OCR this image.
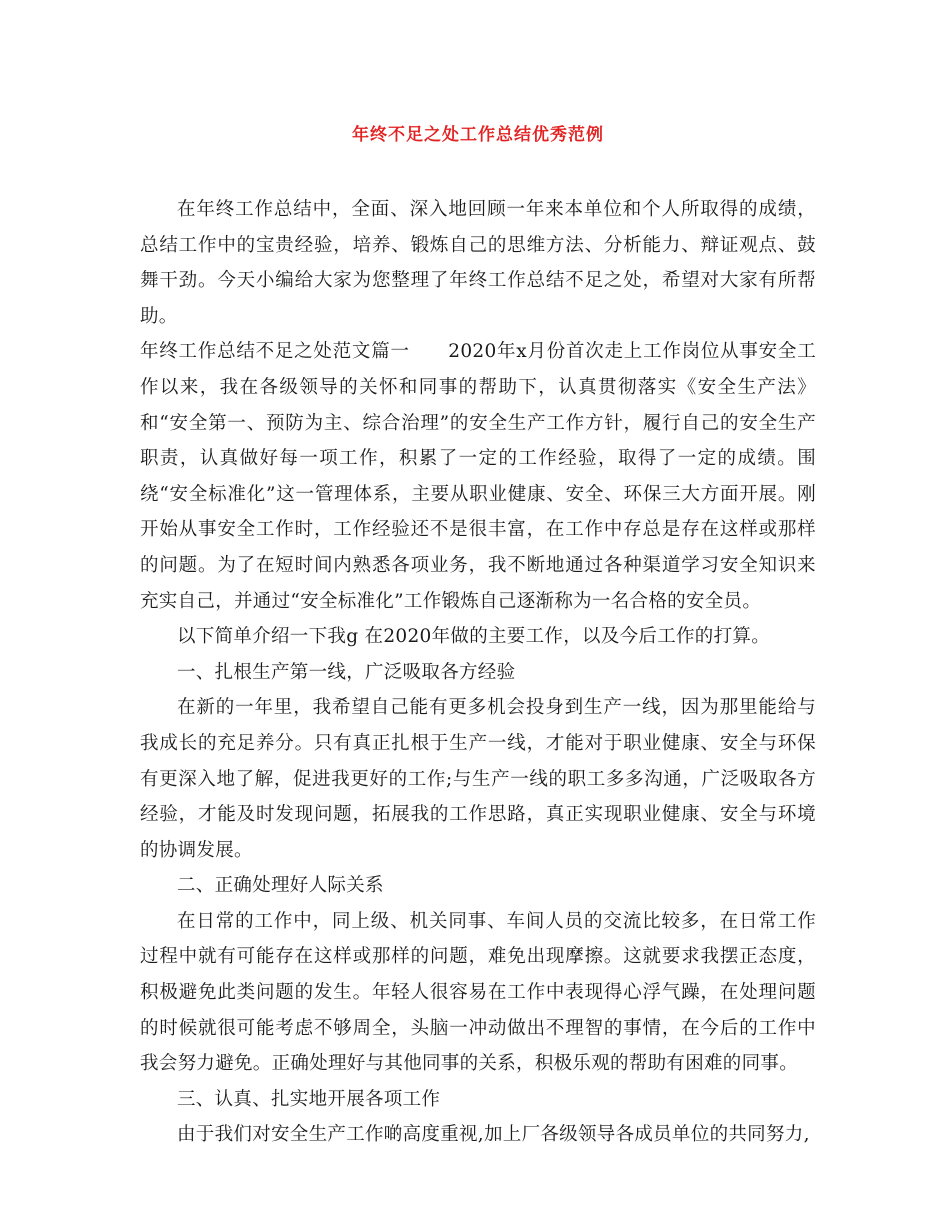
年终不足之处工作总结优秀范例

在年终工作总结中，全面、深入地回顾一年来本单位和个人所取得的成绩，总结工作中的宝贵经验，培养、锻炼自己的思维方法、分析能力、辩证观点、鼓舞干劲。今天小编给大家为您整理了年终工作总结不足之处，希望对大家有所帮助。

年终工作总结不足之处范文篇一　　2020年x月份首次走上工作岗位从事安全工作以来，我在各级领导的关怀和同事的帮助下，认真贯彻落实《安全生产法》和“安全第一、预防为主、综合治理”的安全生产工作方针，履行自己的安全生产职责，认真做好每一项工作，积累了一定的工作经验，取得了一定的成绩。围绕“安全标准化”这一管理体系，主要从职业健康、安全、环保三大方面开展。刚开始从事安全工作时，工作经验还不是很丰富，在工作中存总是存在这样或那样的问题。为了在短时间内熟悉各项业务，我不断地通过各种渠道学习安全知识来充实自己，并通过“安全标准化”工作锻炼自己逐渐称为一名合格的安全员。

以下简单介绍一下我g 在2020年做的主要工作，以及今后工作的打算。

一、扎根生产第一线，广泛吸取各方经验

在新的一年里，我希望自己能有更多机会投身到生产一线，因为那里能给与我成长的充足养分。只有真正扎根于生产一线，才能对于职业健康、安全与环保有更深入地了解，促进我更好的工作;与生产一线的职工多多沟通，广泛吸取各方经验，才能及时发现问题，拓展我的工作思路，真正实现职业健康、安全与环境的协调发展。

二、正确处理好人际关系

在日常的工作中，同上级、机关同事、车间人员的交流比较多，在日常工作过程中就有可能存在这样或那样的问题，难免出现摩擦。这就要求我摆正态度，积极避免此类问题的发生。年轻人很容易在工作中表现得心浮气躁，在处理问题的时候就很可能考虑不够周全，头脑一冲动做出不理智的事情，在今后的工作中我会努力避免。正确处理好与其他同事的关系，积极乐观的帮助有困难的同事。

三、认真、扎实地开展各项工作

由于我们对安全生产工作啲高度重视,加上厂各级领导各成员单位的共同努力,
